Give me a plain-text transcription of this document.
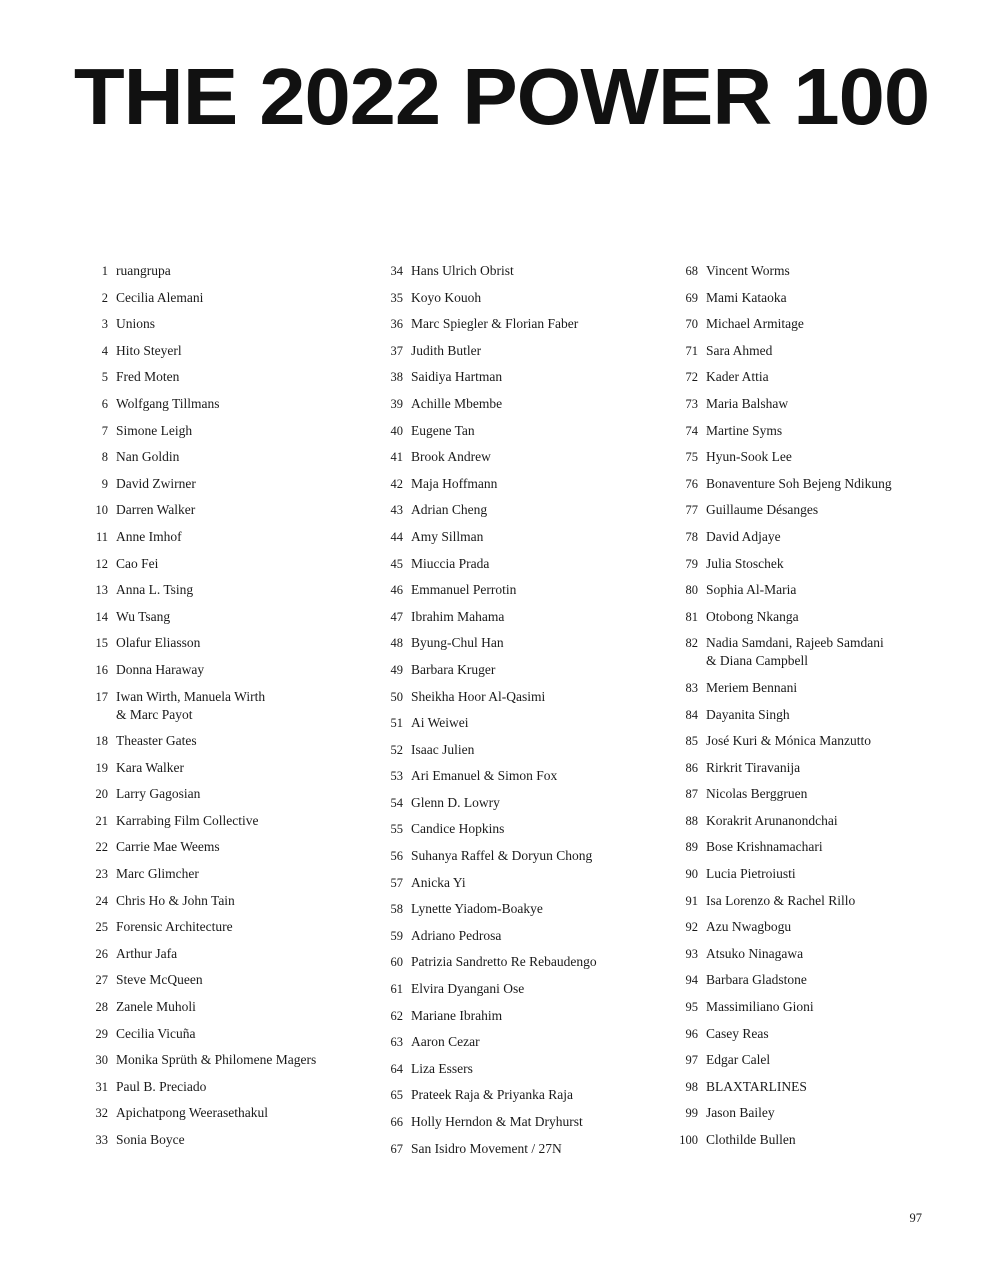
THE 2022 POWER 100
1 ruangrupa
2 Cecilia Alemani
3 Unions
4 Hito Steyerl
5 Fred Moten
6 Wolfgang Tillmans
7 Simone Leigh
8 Nan Goldin
9 David Zwirner
10 Darren Walker
11 Anne Imhof
12 Cao Fei
13 Anna L. Tsing
14 Wu Tsang
15 Olafur Eliasson
16 Donna Haraway
17 Iwan Wirth, Manuela Wirth
& Marc Payot
18 Theaster Gates
19 Kara Walker
20 Larry Gagosian
21 Karrabing Film Collective
22 Carrie Mae Weems
23 Marc Glimcher
24 Chris Ho & John Tain
25 Forensic Architecture
26 Arthur Jafa
27 Steve McQueen
28 Zanele Muholi
29 Cecilia Vicuña
30 Monika Sprüth & Philomene Magers
31 Paul B. Preciado
32 Apichatpong Weerasethakul
33 Sonia Boyce
34 Hans Ulrich Obrist
35 Koyo Kouoh
36 Marc Spiegler & Florian Faber
37 Judith Butler
38 Saidiya Hartman
39 Achille Mbembe
40 Eugene Tan
41 Brook Andrew
42 Maja Hoffmann
43 Adrian Cheng
44 Amy Sillman
45 Miuccia Prada
46 Emmanuel Perrotin
47 Ibrahim Mahama
48 Byung-Chul Han
49 Barbara Kruger
50 Sheikha Hoor Al-Qasimi
51 Ai Weiwei
52 Isaac Julien
53 Ari Emanuel & Simon Fox
54 Glenn D. Lowry
55 Candice Hopkins
56 Suhanya Raffel & Doryun Chong
57 Anicka Yi
58 Lynette Yiadom-Boakye
59 Adriano Pedrosa
60 Patrizia Sandretto Re Rebaudengo
61 Elvira Dyangani Ose
62 Mariane Ibrahim
63 Aaron Cezar
64 Liza Essers
65 Prateek Raja & Priyanka Raja
66 Holly Herndon & Mat Dryhurst
67 San Isidro Movement / 27N
68 Vincent Worms
69 Mami Kataoka
70 Michael Armitage
71 Sara Ahmed
72 Kader Attia
73 Maria Balshaw
74 Martine Syms
75 Hyun-Sook Lee
76 Bonaventure Soh Bejeng Ndikung
77 Guillaume Désanges
78 David Adjaye
79 Julia Stoschek
80 Sophia Al-Maria
81 Otobong Nkanga
82 Nadia Samdani, Rajeeb Samdani
& Diana Campbell
83 Meriem Bennani
84 Dayanita Singh
85 José Kuri & Mónica Manzutto
86 Rirkrit Tiravanija
87 Nicolas Berggruen
88 Korakrit Arunanondchai
89 Bose Krishnamachari
90 Lucia Pietroiusti
91 Isa Lorenzo & Rachel Rillo
92 Azu Nwagbogu
93 Atsuko Ninagawa
94 Barbara Gladstone
95 Massimiliano Gioni
96 Casey Reas
97 Edgar Calel
98 BLAXTARLINES
99 Jason Bailey
100 Clothilde Bullen
97
